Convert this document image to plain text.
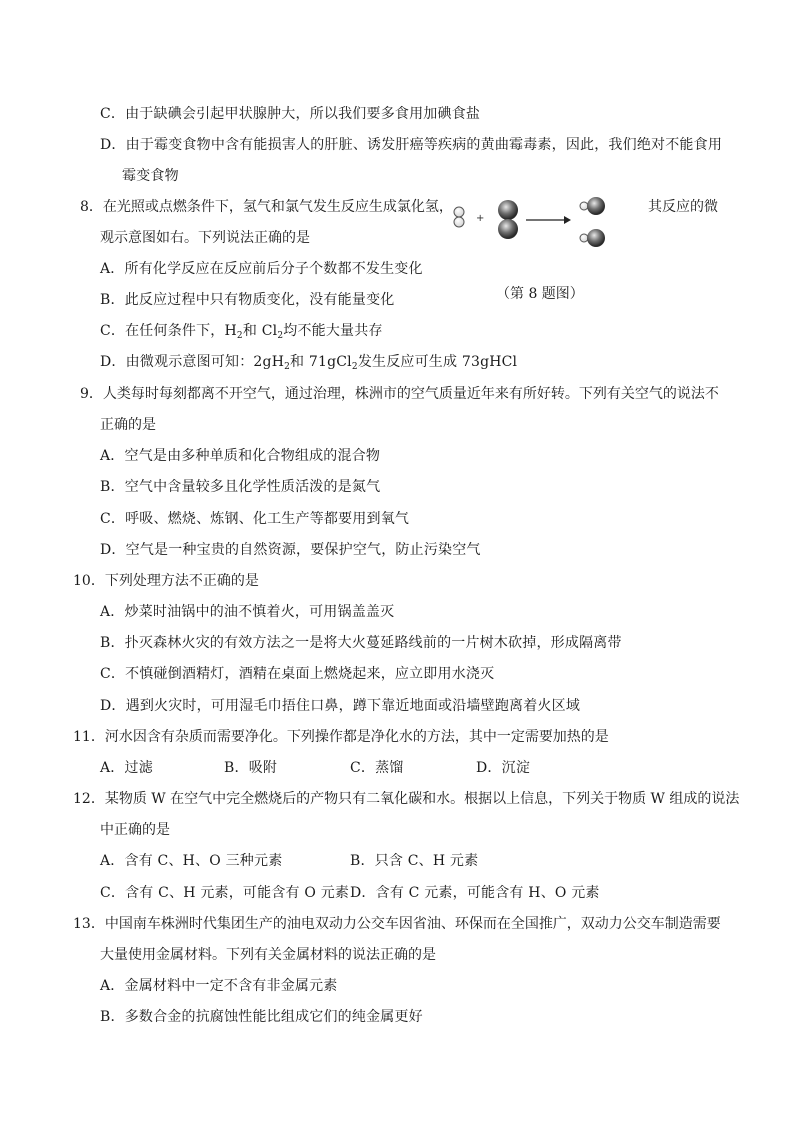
C．由于缺碘会引起甲状腺肿大，所以我们要多食用加碘食盐
D．由于霉变食物中含有能损害人的肝脏、诱发肝癌等疾病的黄曲霉毒素，因此，我们绝对不能食用
霉变食物
8．在光照或点燃条件下，氢气和氯气发生反应生成氯化氢，	其反应的微
观示意图如右。下列说法正确的是
+
A．所有化学反应在反应前后分子个数都不发生变化
B．此反应过程中只有物质变化，没有能量变化	（第 8 题图）
C．在任何条件下，$H_2$和 $Cl_2$均不能大量共存
D．由微观示意图可知：$2gH_2$和 71gCl$_2$发生反应可生成 73gHCl
9．人类每时每刻都离不开空气，通过治理，株洲市的空气质量近年来有所好转。下列有关空气的说法不
正确的是
A．空气是由多种单质和化合物组成的混合物
B．空气中含量较多且化学性质活泼的是氮气
C．呼吸、燃烧、炼钢、化工生产等都要用到氧气
D．空气是一种宝贵的自然资源，要保护空气，防止污染空气
10．下列处理方法不正确的是
A．炒菜时油锅中的油不慎着火，可用锅盖盖灭
B．扑灭森林火灾的有效方法之一是将大火蔓延路线前的一片树木砍掉，形成隔离带
C．不慎碰倒酒精灯，酒精在桌面上燃烧起来，应立即用水浇灭
D．遇到火灾时，可用湿毛巾捂住口鼻，蹲下靠近地面或沿墙壁跑离着火区域
11．河水因含有杂质而需要净化。下列操作都是净化水的方法，其中一定需要加热的是
A．过滤	B．吸附	C．蒸馏	D．沉淀
12．某物质 W 在空气中完全燃烧后的产物只有二氧化碳和水。根据以上信息，下列关于物质 W 组成的说法
中正确的是
A．含有 C、H、O 三种元素	B．只含 C、H 元素
C．含有 C、H 元素，可能含有 O 元素 D．含有 C 元素，可能含有 H、O 元素
13．中国南车株洲时代集团生产的油电双动力公交车因省油、环保而在全国推广，双动力公交车制造需要
大量使用金属材料。下列有关金属材料的说法正确的是
A．金属材料中一定不含有非金属元素
B．多数合金的抗腐蚀性能比组成它们的纯金属更好
